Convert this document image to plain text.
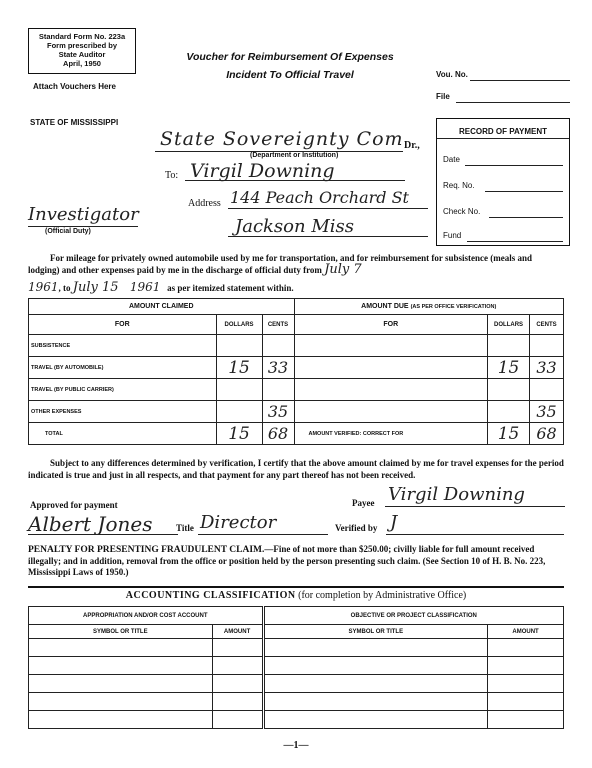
Standard Form No. 223a
Form prescribed by
State Auditor
April, 1950
Attach Vouchers Here
Voucher for Reimbursement Of Expenses
Incident To Official Travel	Vou. No.
File
STATE OF MISSISSIPPI
State Sovereignty Com Dr.,
(Department or Institution)
To: Virgil Downing
Address 144 Peach Orchard St
Jackson Miss
Investigator
(Official Duty)
RECORD OF PAYMENT
Date
Req. No.
Check No.
Fund
For mileage for privately owned automobile used by me for transportation, and for reimbursement for subsistence (meals and lodging) and other expenses paid by me in the discharge of official duty from July 7
1961, to July 15 1961 as per itemized statement within.
AMOUNT CLAIMED			AMOUNT DUE (AS PER OFFICE VERIFICATION)		
FOR	DOLLARS	CENTS	FOR	DOLLARS	CENTS
SUBSISTENCE					
TRAVEL (BY AUTOMOBILE)	15	33		15	33
TRAVEL (BY PUBLIC CARRIER)					
OTHER EXPENSES		35			35
TOTAL	15	68	AMOUNT VERIFIED: CORRECT FOR	15	68
Subject to any differences determined by verification, I certify that the above amount claimed by me for travel expenses for the period indicated is true and just in all respects, and that payment for any part thereof has not been received.
Approved for payment	Payee Virgil Downing
Albert Jones	Title Director	Verified by J
PENALTY FOR PRESENTING FRAUDULENT CLAIM.—Fine of not more than $250.00; civilly liable for full amount received illegally; and in addition, removal from the office or position held by the person presenting such claim. (See Section 10 of H. B. No. 223, Mississippi Laws of 1950.)
ACCOUNTING CLASSIFICATION (for completion by Administrative Office)
APPROPRIATION AND/OR COST ACCOUNT			OBJECTIVE OR PROJECT CLASSIFICATION	
SYMBOL OR TITLE	AMOUNT		SYMBOL OR TITLE	AMOUNT

—1—
